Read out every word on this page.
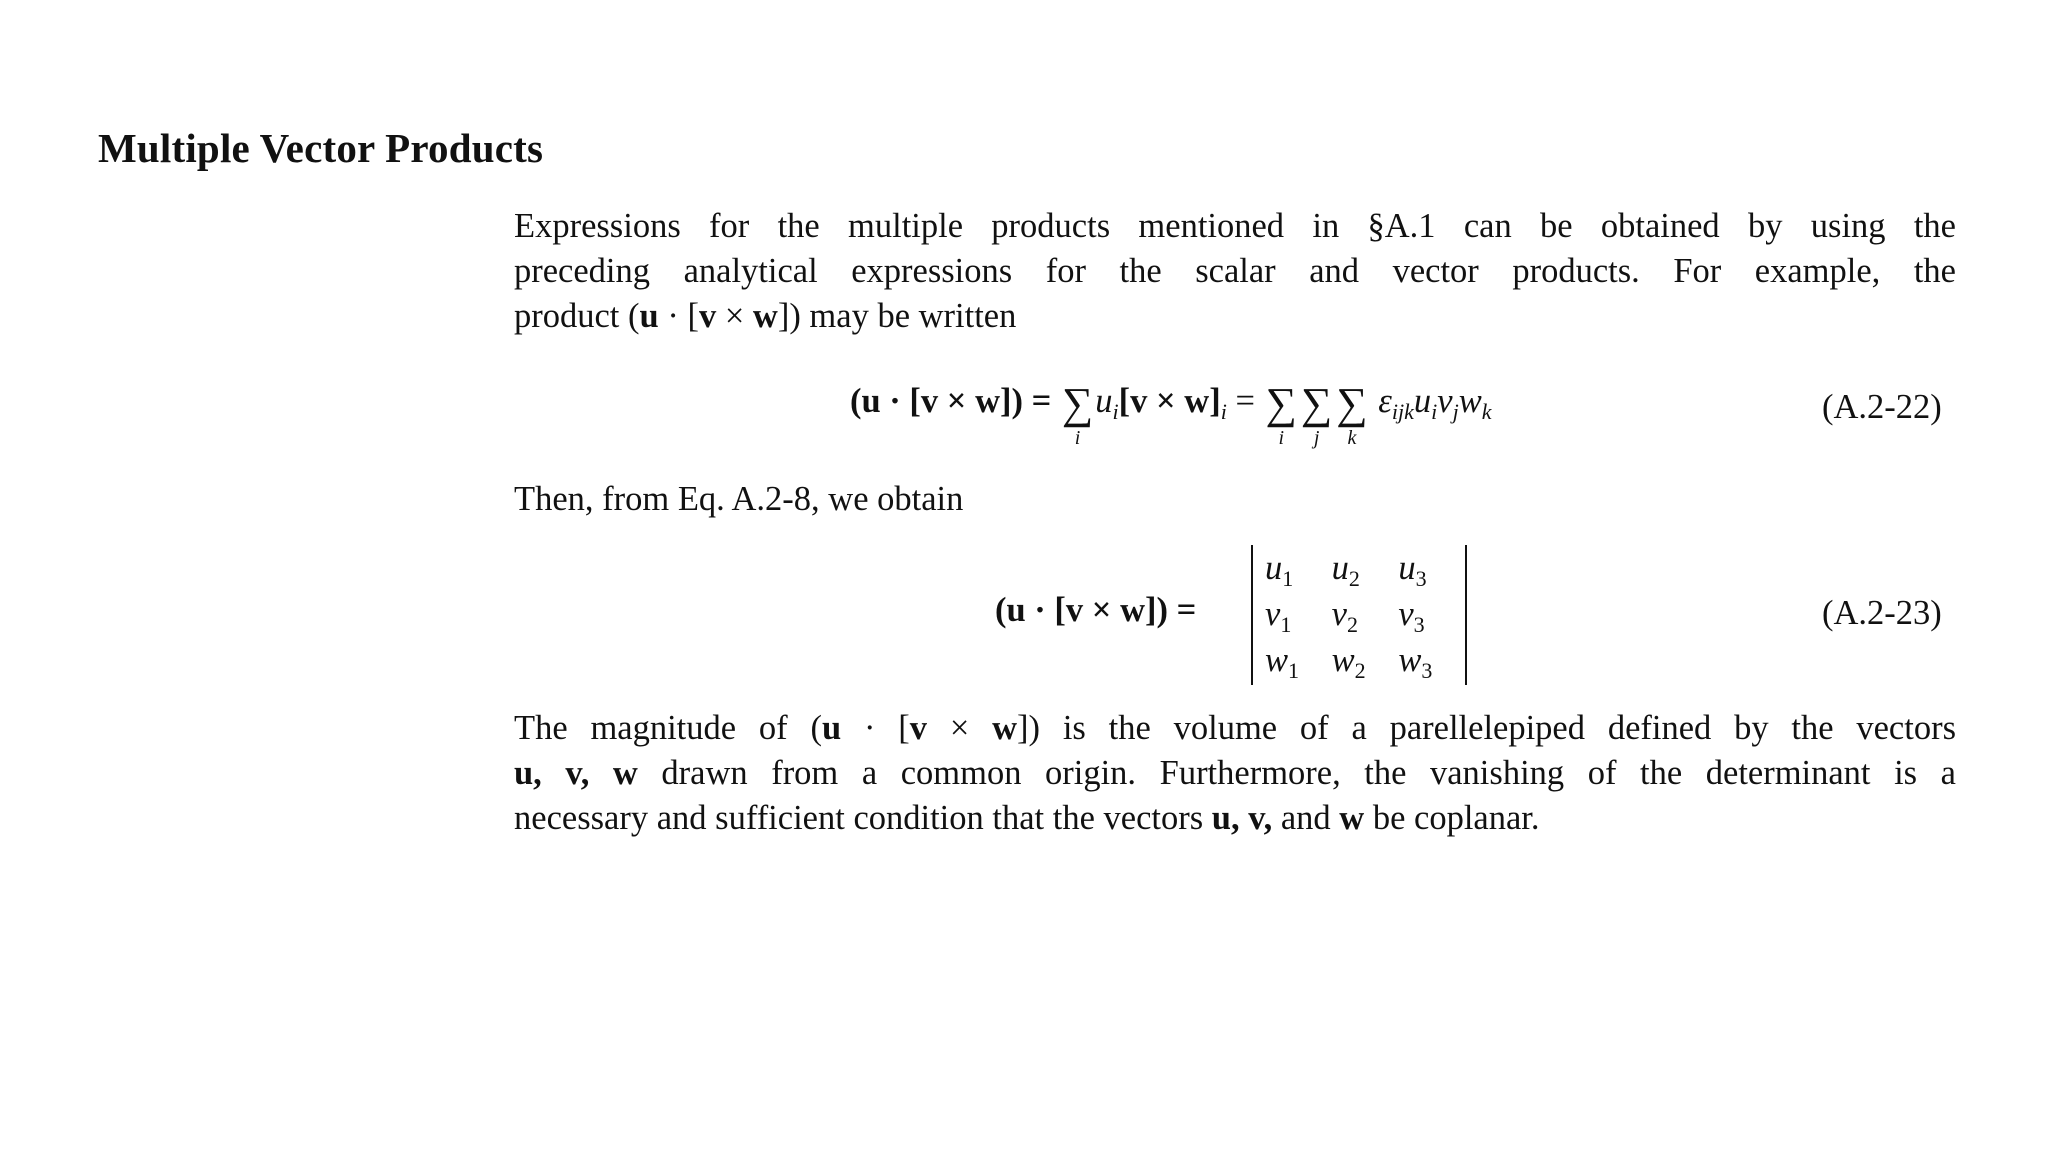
Multiple Vector Products
Expressions for the multiple products mentioned in §A.1 can be obtained by using the
preceding analytical expressions for the scalar and vector products. For example, the
product (u · [v × w]) may be written
(u · [v × w]) = ∑
i
$u_i[v \times w]_i$ = ∑
i
∑
j
∑
k
$\varepsilon_{ijk}u_iv_jw_k$	(A.2-22)
Then, from Eq. A.2-8, we obtain
(u · [v × w]) =
$u_1$	$u_2$	$u_3$
$v_1$	$v_2$	$v_3$
$w_1$	$w_2$	$w_3$
(A.2-23)
The magnitude of (u · [v × w]) is the volume of a parellelepiped defined by the vectors
u, v, w drawn from a common origin. Furthermore, the vanishing of the determinant is a
necessary and sufficient condition that the vectors u, v, and w be coplanar.
